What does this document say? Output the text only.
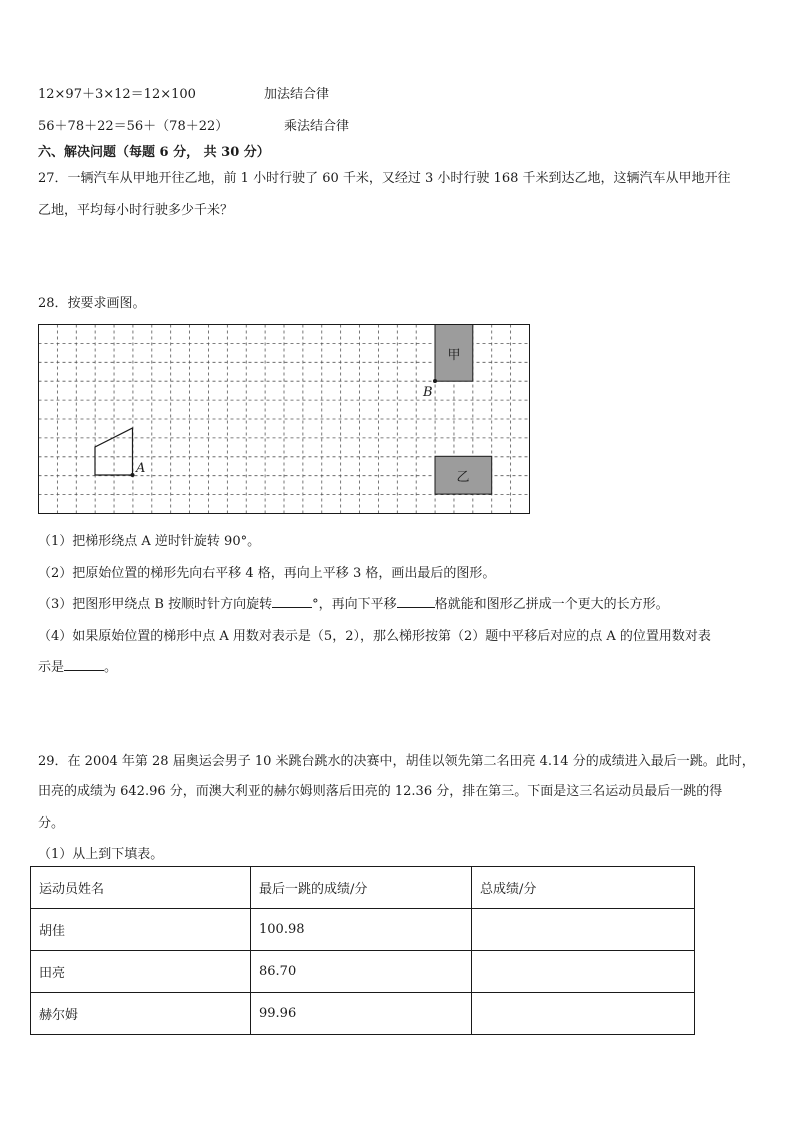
12×97＋3×12＝12×100	加法结合律
56＋78＋22＝56＋（78＋22）	乘法结合律
六、解决问题（每题 6 分， 共 30 分）
27．一辆汽车从甲地开往乙地，前 1 小时行驶了 60 千米，又经过 3 小时行驶 168 千米到达乙地，这辆汽车从甲地开往
乙地，平均每小时行驶多少千米？
28．按要求画图。
甲
乙
B
A
（1）把梯形绕点 A 逆时针旋转 90°。
（2）把原始位置的梯形先向右平移 4 格，再向上平移 3 格，画出最后的图形。
（3）把图形甲绕点 B 按顺时针方向旋转	°，再向下平移	格就能和图形乙拼成一个更大的长方形。
（4）如果原始位置的梯形中点 A 用数对表示是（5，2），那么梯形按第（2）题中平移后对应的点 A 的位置用数对表
示是	。
29．在 2004 年第 28 届奥运会男子 10 米跳台跳水的决赛中，胡佳以领先第二名田亮 4.14 分的成绩进入最后一跳。此时，
田亮的成绩为 642.96 分，而澳大利亚的赫尔姆则落后田亮的 12.36 分，排在第三。下面是这三名运动员最后一跳的得
分。
（1）从上到下填表。
运动员姓名	最后一跳的成绩/分	总成绩/分
胡佳	100.98	
田亮	86.70	
赫尔姆	99.96	
